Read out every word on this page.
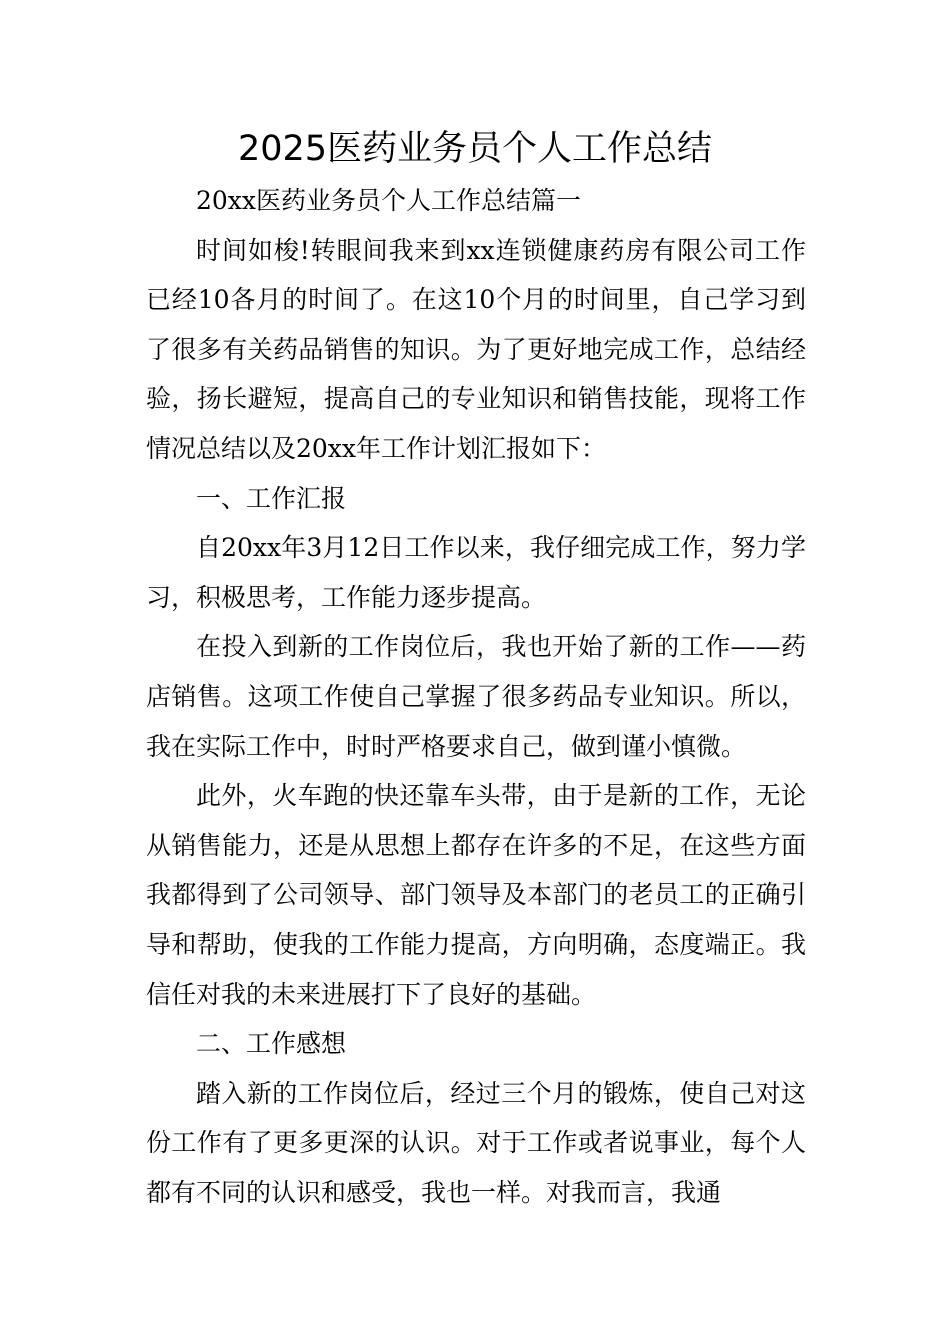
2025医药业务员个人工作总结

20xx医药业务员个人工作总结篇一

时间如梭!转眼间我来到xx连锁健康药房有限公司工作已经10各月的时间了。在这10个月的时间里，自己学习到了很多有关药品销售的知识。为了更好地完成工作，总结经验，扬长避短，提高自己的专业知识和销售技能，现将工作情况总结以及20xx年工作计划汇报如下：

一、工作汇报

自20xx年3月12日工作以来，我仔细完成工作，努力学习，积极思考，工作能力逐步提高。

在投入到新的工作岗位后，我也开始了新的工作——药店销售。这项工作使自己掌握了很多药品专业知识。所以，我在实际工作中，时时严格要求自己，做到谨小慎微。

此外，火车跑的快还靠车头带，由于是新的工作，无论从销售能力，还是从思想上都存在许多的不足，在这些方面我都得到了公司领导、部门领导及本部门的老员工的正确引导和帮助，使我的工作能力提高，方向明确，态度端正。我信任对我的未来进展打下了良好的基础。

二、工作感想

踏入新的工作岗位后，经过三个月的锻炼，使自己对这份工作有了更多更深的认识。对于工作或者说事业，每个人都有不同的认识和感受，我也一样。对我而言，我通
